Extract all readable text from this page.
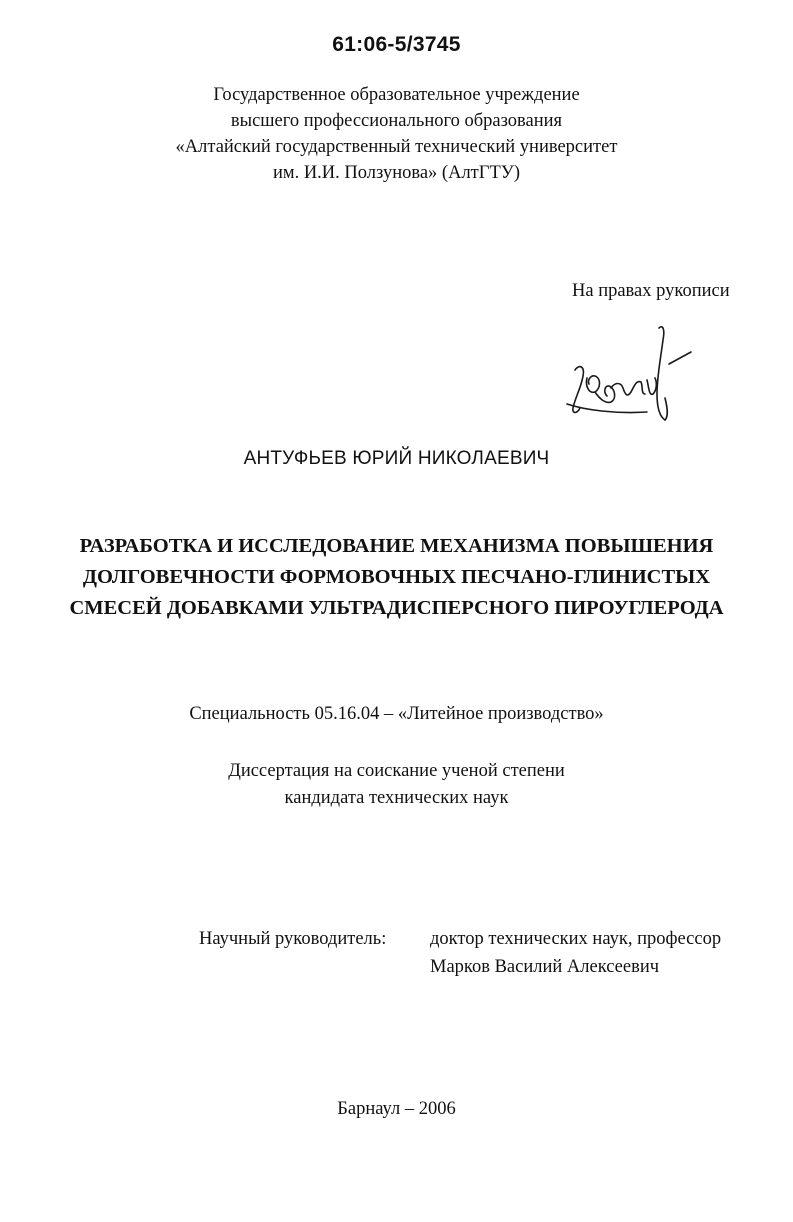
61:06-5/3745
Государственное образовательное учреждение
высшего профессионального образования
«Алтайский государственный технический университет
им. И.И. Ползунова» (АлтГТУ)
На правах рукописи
АНТУФЬЕВ ЮРИЙ НИКОЛАЕВИЧ
РАЗРАБОТКА И ИССЛЕДОВАНИЕ МЕХАНИЗМА ПОВЫШЕНИЯ
ДОЛГОВЕЧНОСТИ ФОРМОВОЧНЫХ ПЕСЧАНО-ГЛИНИСТЫХ
СМЕСЕЙ ДОБАВКАМИ УЛЬТРАДИСПЕРСНОГО ПИРОУГЛЕРОДА
Специальность 05.16.04 – «Литейное производство»
Диссертация на соискание ученой степени
кандидата технических наук
Научный руководитель: доктор технических наук, профессор
Марков Василий Алексеевич
Барнаул – 2006
